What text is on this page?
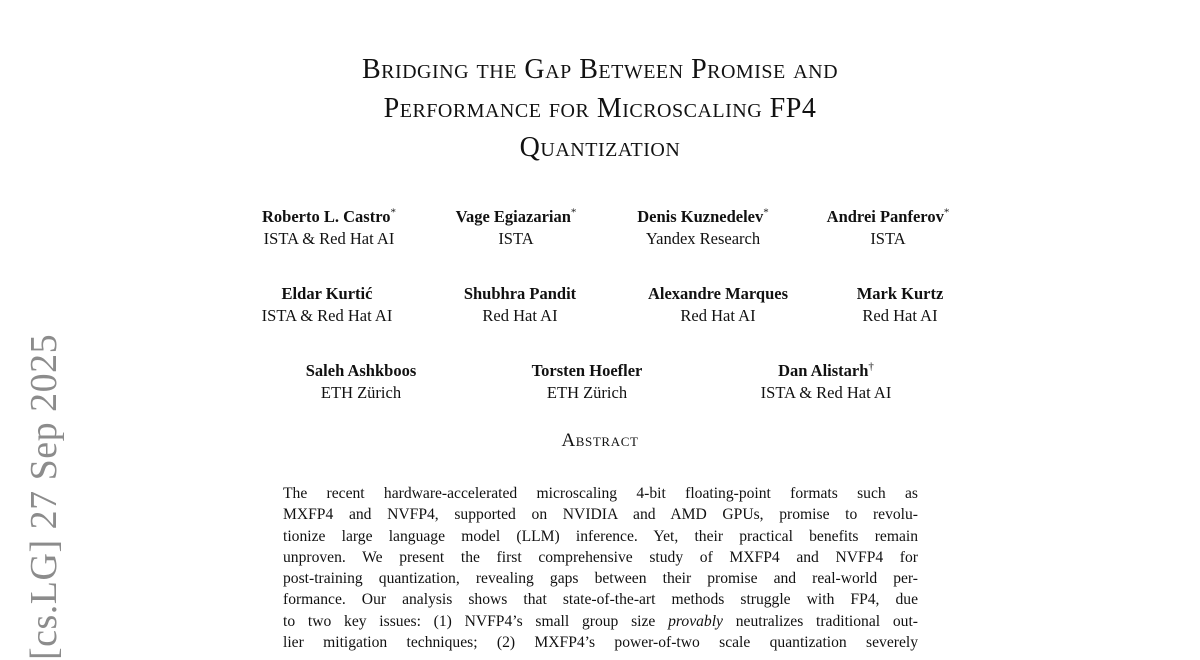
[cs.LG] 27 Sep 2025
Bridging the Gap Between Promise and
Performance for Microscaling FP4
Quantization
Roberto L. Castro*
ISTA & Red Hat AI
Vage Egiazarian*
ISTA
Denis Kuznedelev*
Yandex Research
Andrei Panferov*
ISTA
Eldar Kurtić
ISTA & Red Hat AI
Shubhra Pandit
Red Hat AI
Alexandre Marques
Red Hat AI
Mark Kurtz
Red Hat AI
Saleh Ashkboos
ETH Zürich
Torsten Hoefler
ETH Zürich
Dan Alistarh†
ISTA & Red Hat AI
Abstract
The recent hardware-accelerated microscaling 4-bit floating-point formats such as
MXFP4 and NVFP4, supported on NVIDIA and AMD GPUs, promise to revolu-
tionize large language model (LLM) inference. Yet, their practical benefits remain
unproven. We present the first comprehensive study of MXFP4 and NVFP4 for
post-training quantization, revealing gaps between their promise and real-world per-
formance. Our analysis shows that state-of-the-art methods struggle with FP4, due
to two key issues: (1) NVFP4’s small group size provably neutralizes traditional out-
lier mitigation techniques; (2) MXFP4’s power-of-two scale quantization severely
